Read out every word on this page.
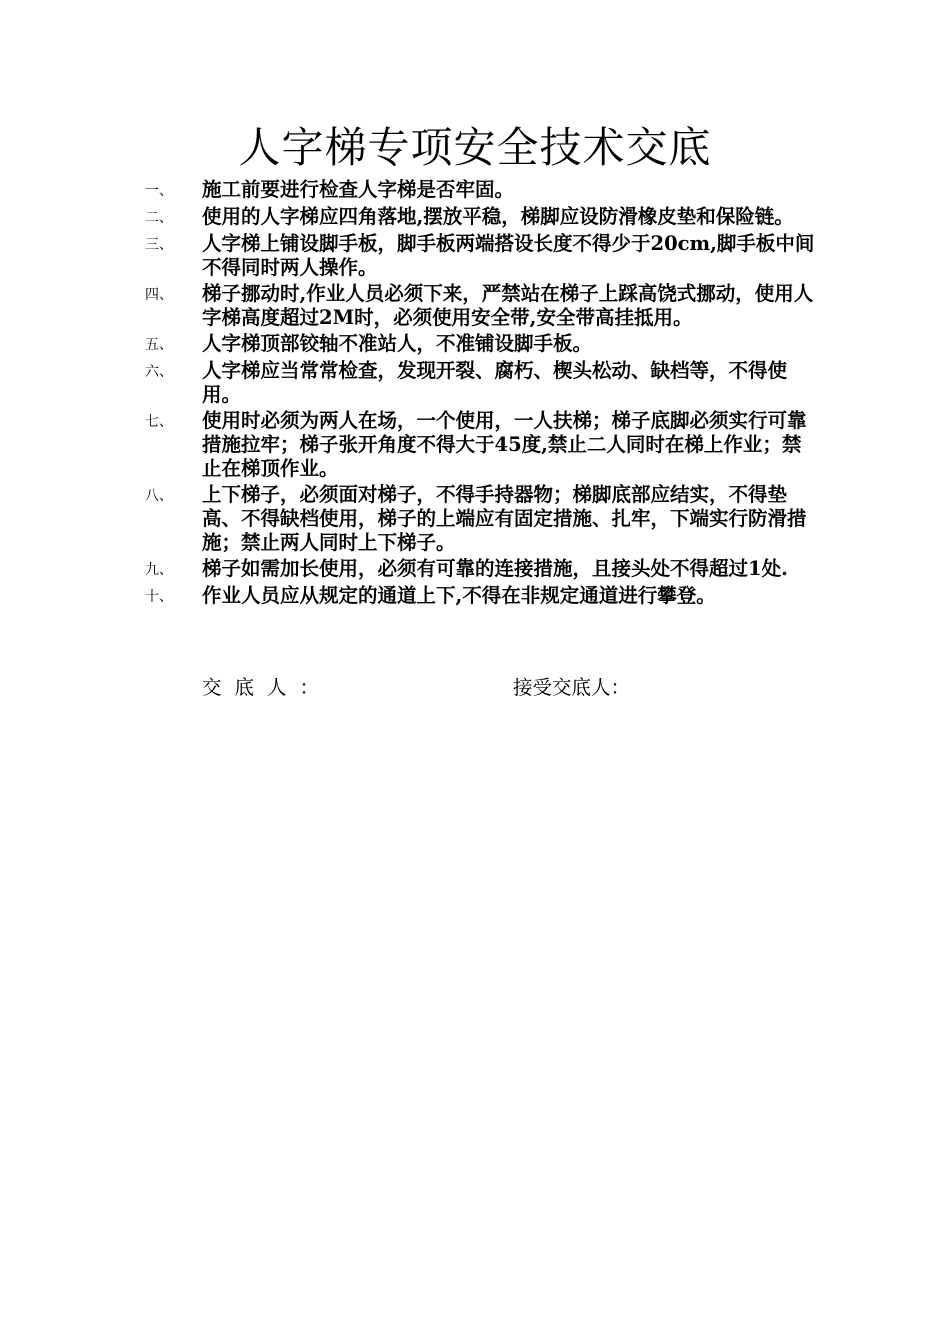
人字梯专项安全技术交底
一、	施工前要进行检查人字梯是否牢固。
二、	使用的人字梯应四角落地,摆放平稳，梯脚应设防滑橡皮垫和保险链。
三、	人字梯上铺设脚手板，脚手板两端搭设长度不得少于20cm,脚手板中间不得同时两人操作。
四、	梯子挪动时,作业人员必须下来，严禁站在梯子上踩高饶式挪动，使用人字梯高度超过2M时，必须使用安全带,安全带高挂抵用。
五、	人字梯顶部铰轴不准站人，不准铺设脚手板。
六、	人字梯应当常常检查，发现开裂、腐朽、楔头松动、缺档等，不得使用。
七、	使用时必须为两人在场，一个使用，一人扶梯；梯子底脚必须实行可靠措施拉牢；梯子张开角度不得大于45度,禁止二人同时在梯上作业；禁止在梯顶作业。
八、	上下梯子，必须面对梯子，不得手持器物；梯脚底部应结实，不得垫高、不得缺档使用，梯子的上端应有固定措施、扎牢，下端实行防滑措施；禁止两人同时上下梯子。
九、	梯子如需加长使用，必须有可靠的连接措施，且接头处不得超过1处.
十、	作业人员应从规定的通道上下,不得在非规定通道进行攀登。
交底人：	接受交底人：
